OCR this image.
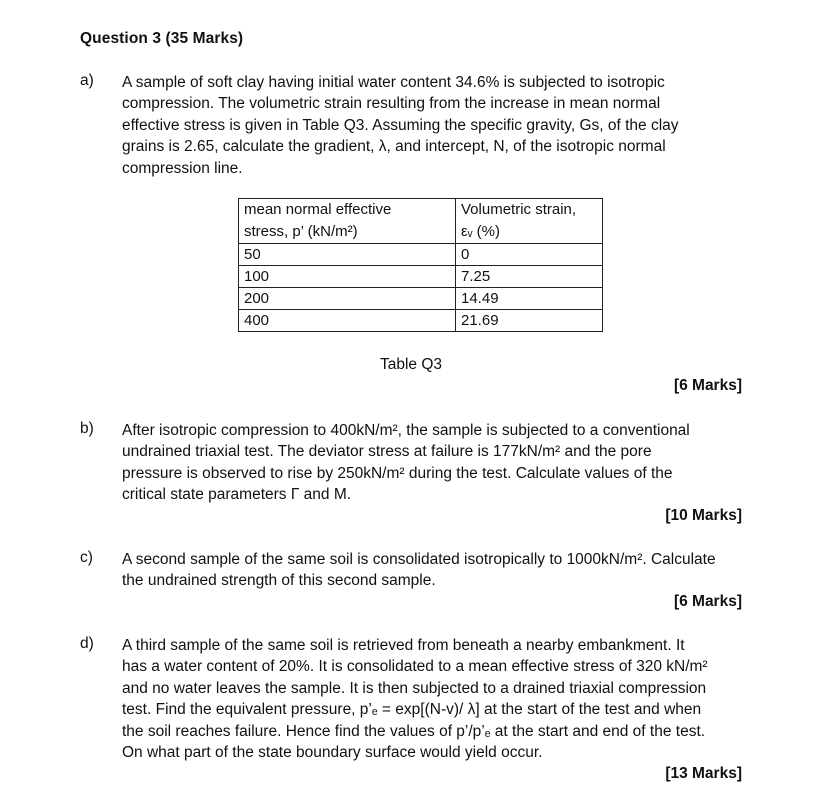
Question 3 (35 Marks)
a) A sample of soft clay having initial water content 34.6% is subjected to isotropic
compression. The volumetric strain resulting from the increase in mean normal
effective stress is given in Table Q3. Assuming the specific gravity, Gs, of the clay
grains is 2.65, calculate the gradient, λ, and intercept, N, of the isotropic normal
compression line.
mean normal effective
stress, p’ (kN/m²)	Volumetric strain,
εᵥ (%)

50	0
100	7.25
200	14.49
400	21.69
Table Q3
[6 Marks]
b) After isotropic compression to 400kN/m², the sample is subjected to a conventional
undrained triaxial test. The deviator stress at failure is 177kN/m² and the pore
pressure is observed to rise by 250kN/m² during the test. Calculate values of the
critical state parameters Γ and M.
[10 Marks]
c) A second sample of the same soil is consolidated isotropically to 1000kN/m². Calculate
the undrained strength of this second sample.
[6 Marks]
d) A third sample of the same soil is retrieved from beneath a nearby embankment. It
has a water content of 20%. It is consolidated to a mean effective stress of 320 kN/m²
and no water leaves the sample. It is then subjected to a drained triaxial compression
test. Find the equivalent pressure, p’ₑ = exp[(N-v)/ λ] at the start of the test and when
the soil reaches failure. Hence find the values of p’/p’ₑ at the start and end of the test.
On what part of the state boundary surface would yield occur.
[13 Marks]
